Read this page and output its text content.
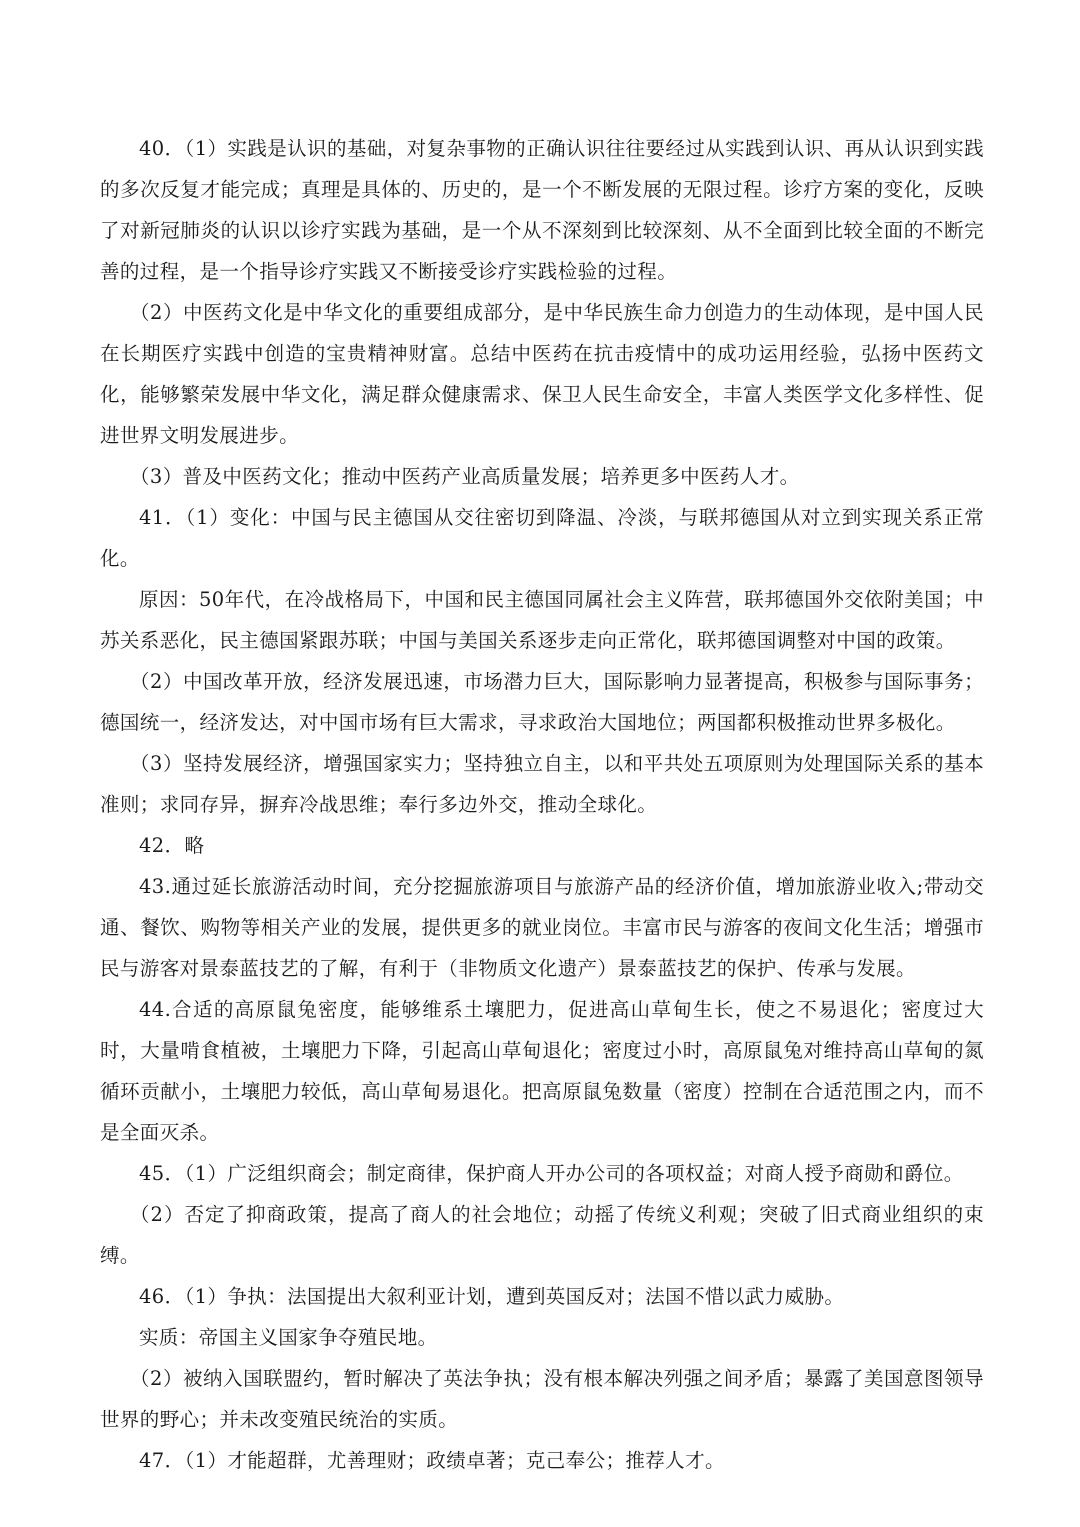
40．（1）实践是认识的基础，对复杂事物的正确认识往往要经过从实践到认识、再从认识到实践的多次反复才能完成；真理是具体的、历史的，是一个不断发展的无限过程。诊疗方案的变化，反映了对新冠肺炎的认识以诊疗实践为基础，是一个从不深刻到比较深刻、从不全面到比较全面的不断完善的过程，是一个指导诊疗实践又不断接受诊疗实践检验的过程。

（2）中医药文化是中华文化的重要组成部分，是中华民族生命力创造力的生动体现，是中国人民在长期医疗实践中创造的宝贵精神财富。总结中医药在抗击疫情中的成功运用经验，弘扬中医药文化，能够繁荣发展中华文化，满足群众健康需求、保卫人民生命安全，丰富人类医学文化多样性、促进世界文明发展进步。

（3）普及中医药文化；推动中医药产业高质量发展；培养更多中医药人才。

41．（1）变化：中国与民主德国从交往密切到降温、冷淡，与联邦德国从对立到实现关系正常化。

原因：50年代，在冷战格局下，中国和民主德国同属社会主义阵营，联邦德国外交依附美国；中苏关系恶化，民主德国紧跟苏联；中国与美国关系逐步走向正常化，联邦德国调整对中国的政策。

（2）中国改革开放，经济发展迅速，市场潜力巨大，国际影响力显著提高，积极参与国际事务；德国统一，经济发达，对中国市场有巨大需求，寻求政治大国地位；两国都积极推动世界多极化。

（3）坚持发展经济，增强国家实力；坚持独立自主，以和平共处五项原则为处理国际关系的基本准则；求同存异，摒弃冷战思维；奉行多边外交，推动全球化。

42．略

43.通过延长旅游活动时间，充分挖掘旅游项目与旅游产品的经济价值，增加旅游业收入;带动交通、餐饮、购物等相关产业的发展，提供更多的就业岗位。丰富市民与游客的夜间文化生活；增强市民与游客对景泰蓝技艺的了解，有利于（非物质文化遗产）景泰蓝技艺的保护、传承与发展。

44.合适的高原鼠兔密度，能够维系土壤肥力，促进高山草甸生长，使之不易退化；密度过大时，大量啃食植被，土壤肥力下降，引起高山草甸退化；密度过小时，高原鼠兔对维持高山草甸的氮循环贡献小，土壤肥力较低，高山草甸易退化。把高原鼠兔数量（密度）控制在合适范围之内，而不是全面灭杀。

45．（1）广泛组织商会；制定商律，保护商人开办公司的各项权益；对商人授予商勋和爵位。

（2）否定了抑商政策，提高了商人的社会地位；动摇了传统义利观；突破了旧式商业组织的束缚。

46．（1）争执：法国提出大叙利亚计划，遭到英国反对；法国不惜以武力威胁。

实质：帝国主义国家争夺殖民地。

（2）被纳入国联盟约，暂时解决了英法争执；没有根本解决列强之间矛盾；暴露了美国意图领导世界的野心；并未改变殖民统治的实质。

47．（1）才能超群，尤善理财；政绩卓著；克己奉公；推荐人才。
